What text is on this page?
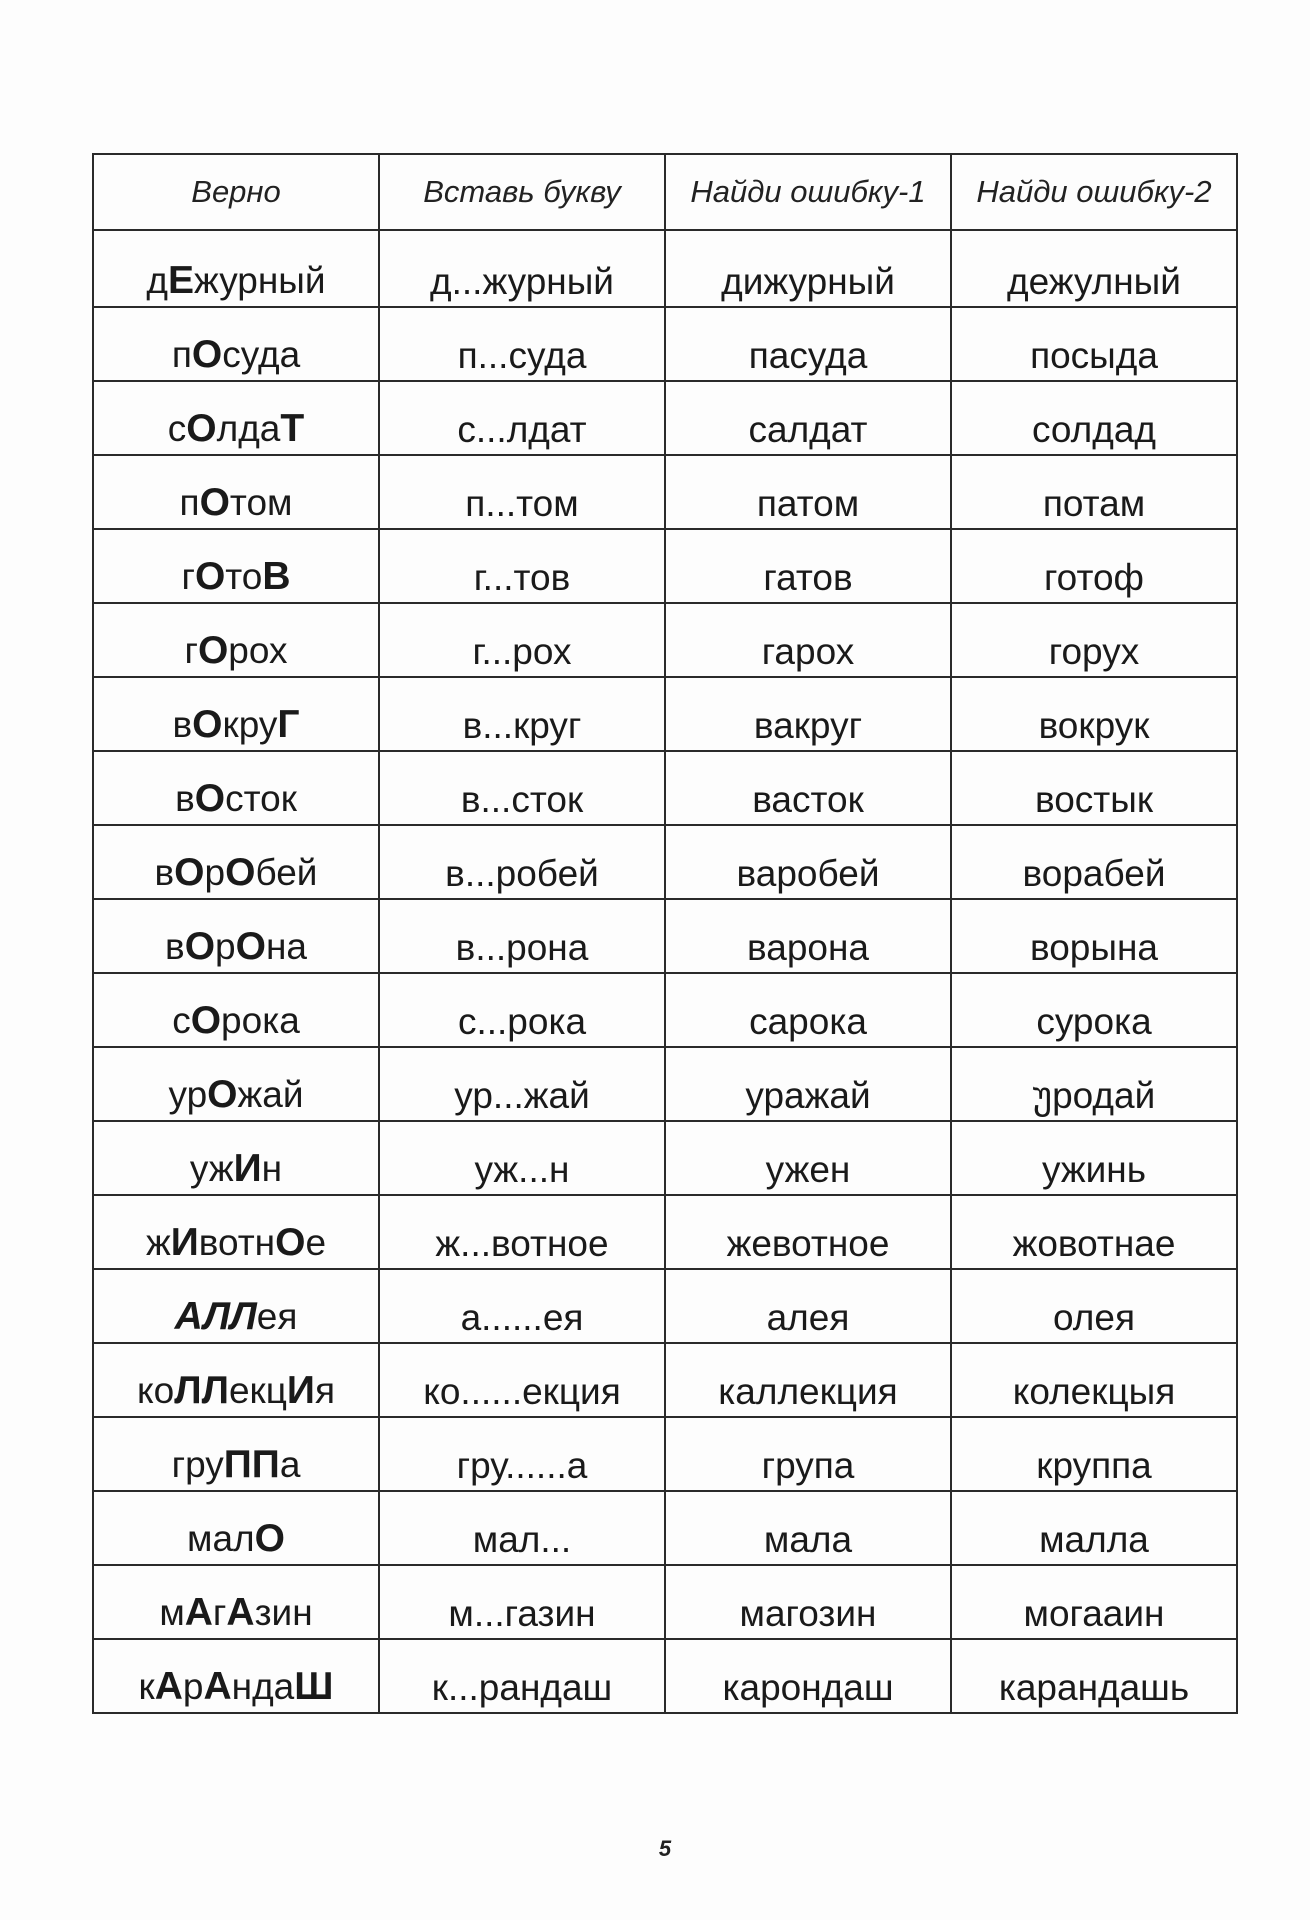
Верно	Вставь букву	Найди ошибку-1	Найди ошибку-2
дЕжурный	д...журный	дижурный	дежулный
пОсуда	п...суда	пасуда	посыда
сОлдаТ	с...лдат	салдат	солдад
пОтом	п...том	патом	потам
гОтоВ	г...тов	гатов	готоф
гОрох	г...рох	гарох	горух
вОкруГ	в...круг	вакруг	вокрук
вОсток	в...сток	васток	востык
вОрОбей	в...робей	варобей	ворабей
вОрОна	в...рона	варона	ворына
сОрока	с...рока	сарока	сурока
урОжай	ур...жай	уражай	უродай
ужИн	уж...н	ужен	ужинь
жИвотнОе	ж...вотное	жевотное	жовотнае
АЛЛея	а......ея	алея	олея
коЛЛекцИя	ко......екция	каллекция	колекцыя
груППа	гру......а	група	круппа
малО	мал...	мала	малла
мАгАзин	м...газин	магозин	могааин
кАрАндаШ	к...рандаш	карондаш	карандашь
5
